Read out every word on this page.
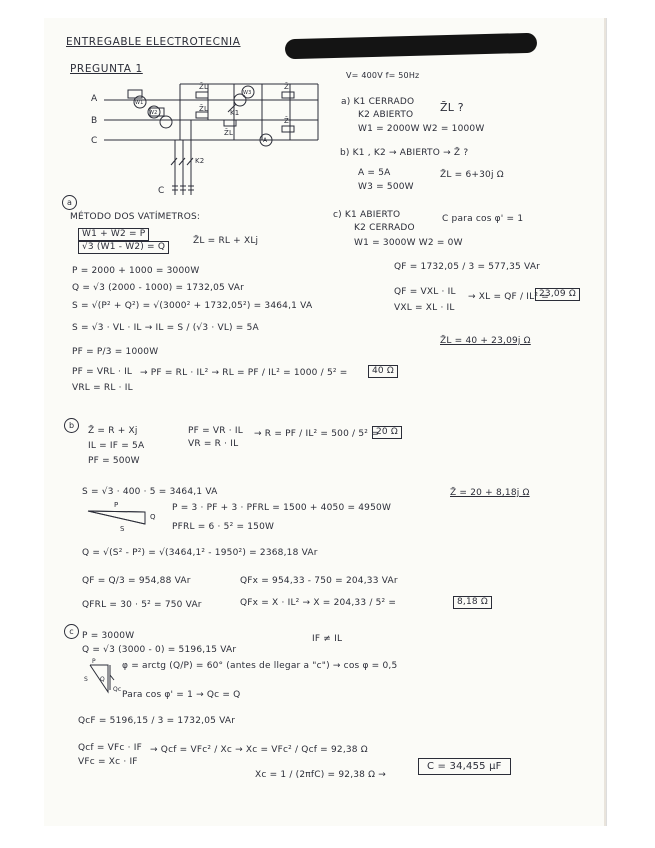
ENTREGABLE ELECTROTECNIA
PREGUNTA 1
A
B
C
Z̄L
Z̄L
Z̄L
Z̄
Z̄
K1
K2
C
A
W1
W2
W3
V= 400V f= 50Hz
a) K1 CERRADO
K2 ABIERTO
Z̄L ?
W1 = 2000W W2 = 1000W
b) K1 , K2 → ABIERTO → Z̄ ?
A = 5A
W3 = 500W
Z̄L = 6+30j Ω
c) K1 ABIERTO
K2 CERRADO
C para cos φ' = 1
W1 = 3000W W2 = 0W
a
MÉTODO DOS VATÍMETROS:
W1 + W2 = P
√3 (W1 - W2) = Q
Z̄L = RL + XLj
P = 2000 + 1000 = 3000W
Q = √3 (2000 - 1000) = 1732,05 VAr
S = √(P² + Q²) = √(3000² + 1732,05²) = 3464,1 VA
S = √3 · VL · IL → IL = S / (√3 · VL) = 5A
PF = P/3 = 1000W
PF = VRL · IL
VRL = RL · IL
→ PF = RL · IL² → RL = PF / IL² = 1000 / 5² =	40 Ω
QF = 1732,05 / 3 = 577,35 VAr
QF = VXL · IL
VXL = XL · IL
→ XL = QF / IL² =
23,09 Ω
Z̄L = 40 + 23,09j Ω
b
Z̄ = R + Xj
IL = IF = 5A
PF = 500W
PF = VR · IL
VR = R · IL
→ R = PF / IL² = 500 / 5² =
20 Ω
S = √3 · 400 · 5 = 3464,1 VA
P = 3 · PF + 3 · PFRL = 1500 + 4050 = 4950W
PFRL = 6 · 5² = 150W
P
Q
S
Q = √(S² - P²) = √(3464,1² - 1950²) = 2368,18 VAr
QF = Q/3 = 954,88 VAr
QFRL = 30 · 5² = 750 VAr
QFx = 954,33 - 750 = 204,33 VAr
QFx = X · IL² → X = 204,33 / 5² =	8,18 Ω
Z̄ = 20 + 8,18j Ω
c P = 3000W	IF ≠ IL
Q = √3 (3000 - 0) = 5196,15 VAr
φ = arctg (Q/P) = 60° (antes de llegar a "c") → cos φ = 0,5
Para cos φ' = 1 → Qc = Q
P
S Q
Qc
QcF = 5196,15 / 3 = 1732,05 VAr
Qcf = VFc · IF
VFc = Xc · IF
→ Qcf = VFc² / Xc → Xc = VFc² / Qcf = 92,38 Ω
Xc = 1 / (2πfC) = 92,38 Ω →
C = 34,455 μF
